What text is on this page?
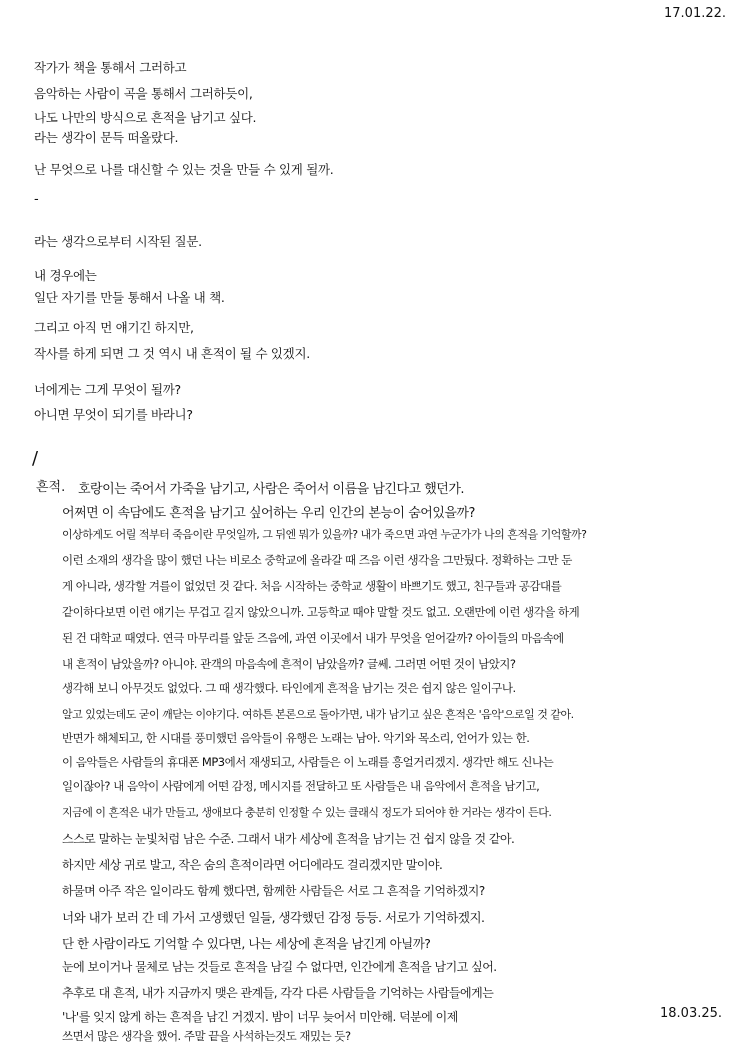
17.01.22.
작가가 책을 통해서 그러하고
음악하는 사람이 곡을 통해서 그러하듯이,
나도 나만의 방식으로 흔적을 남기고 싶다.
라는 생각이 문득 떠올랐다.
난 무엇으로 나를 대신할 수 있는 것을 만들 수 있게 될까.
-
라는 생각으로부터 시작된 질문.
내 경우에는
일단 자기를 만들 통해서 나올 내 책.
그리고 아직 먼 얘기긴 하지만,
작사를 하게 되면 그 것 역시 내 흔적이 될 수 있겠지.
너에게는 그게 무엇이 될까?
아니면 무엇이 되기를 바라니?
/
흔적. 호랑이는 죽어서 가죽을 남기고, 사람은 죽어서 이름을 남긴다고 했던가.
어쩌면 이 속담에도 흔적을 남기고 싶어하는 우리 인간의 본능이 숨어있을까?
이상하게도 어릴 적부터 죽음이란 무엇일까, 그 뒤엔 뭐가 있을까? 내가 죽으면 과연 누군가가 나의 흔적을 기억할까?
이런 소재의 생각을 많이 했던 나는 비로소 중학교에 올라갈 때 즈음 이런 생각을 그만뒀다. 정확하는 그만 둔
게 아니라, 생각할 겨를이 없었던 것 같다. 처음 시작하는 중학교 생활이 바쁘기도 했고, 친구들과 공감대를
같이하다보면 이런 얘기는 무겁고 길지 않았으니까. 고등학교 때야 말할 것도 없고. 오랜만에 이런 생각을 하게
된 건 대학교 때였다. 연극 마무리를 앞둔 즈음에, 과연 이곳에서 내가 무엇을 얻어갈까? 아이들의 마음속에
내 흔적이 남았을까? 아니야. 관객의 마음속에 흔적이 남았을까? 글쎄. 그러면 어떤 것이 남았지?
생각해 보니 아무것도 없었다. 그 때 생각했다. 타인에게 흔적을 남기는 것은 쉽지 않은 일이구나.
알고 있었는데도 굳이 깨닫는 이야기다. 여하튼 본론으로 돌아가면, 내가 남기고 싶은 흔적은 '음악'으로일 것 같아.
반면가 해체되고, 한 시대를 풍미했던 음악들이 유행은 노래는 남아. 악기와 목소리, 언어가 있는 한.
이 음악들은 사람들의 휴대폰 MP3에서 재생되고, 사람들은 이 노래를 흥얼거리겠지. 생각만 해도 신나는
일이잖아? 내 음악이 사람에게 어떤 감정, 메시지를 전달하고 또 사람들은 내 음악에서 흔적을 남기고,
지금에 이 흔적은 내가 만들고, 생애보다 충분히 인정할 수 있는 클래식 정도가 되어야 한 거라는 생각이 든다.
스스로 말하는 눈빛처럼 남은 수준. 그래서 내가 세상에 흔적을 남기는 건 쉽지 않을 것 같아.
하지만 세상 귀로 발고, 작은 숨의 흔적이라면 어디에라도 걸리겠지만 말이야.
하물며 아주 작은 일이라도 함께 했다면, 함께한 사람들은 서로 그 흔적을 기억하겠지?
너와 내가 보러 간 데 가서 고생했던 일들, 생각했던 감정 등등. 서로가 기억하겠지.
단 한 사람이라도 기억할 수 있다면, 나는 세상에 흔적을 남긴게 아닐까?
눈에 보이거나 물체로 남는 것들로 흔적을 남길 수 없다면, 인간에게 흔적을 남기고 싶어.
추후로 대 흔적, 내가 지금까지 맺은 관계들, 각각 다른 사람들을 기억하는 사람들에게는
'나'를 잊지 않게 하는 흔적을 남긴 거겠지. 밤이 너무 늦어서 미안해. 덕분에 이제
쓰면서 많은 생각을 했어. 주말 끝을 사석하는것도 재밌는 듯?
18.03.25.
